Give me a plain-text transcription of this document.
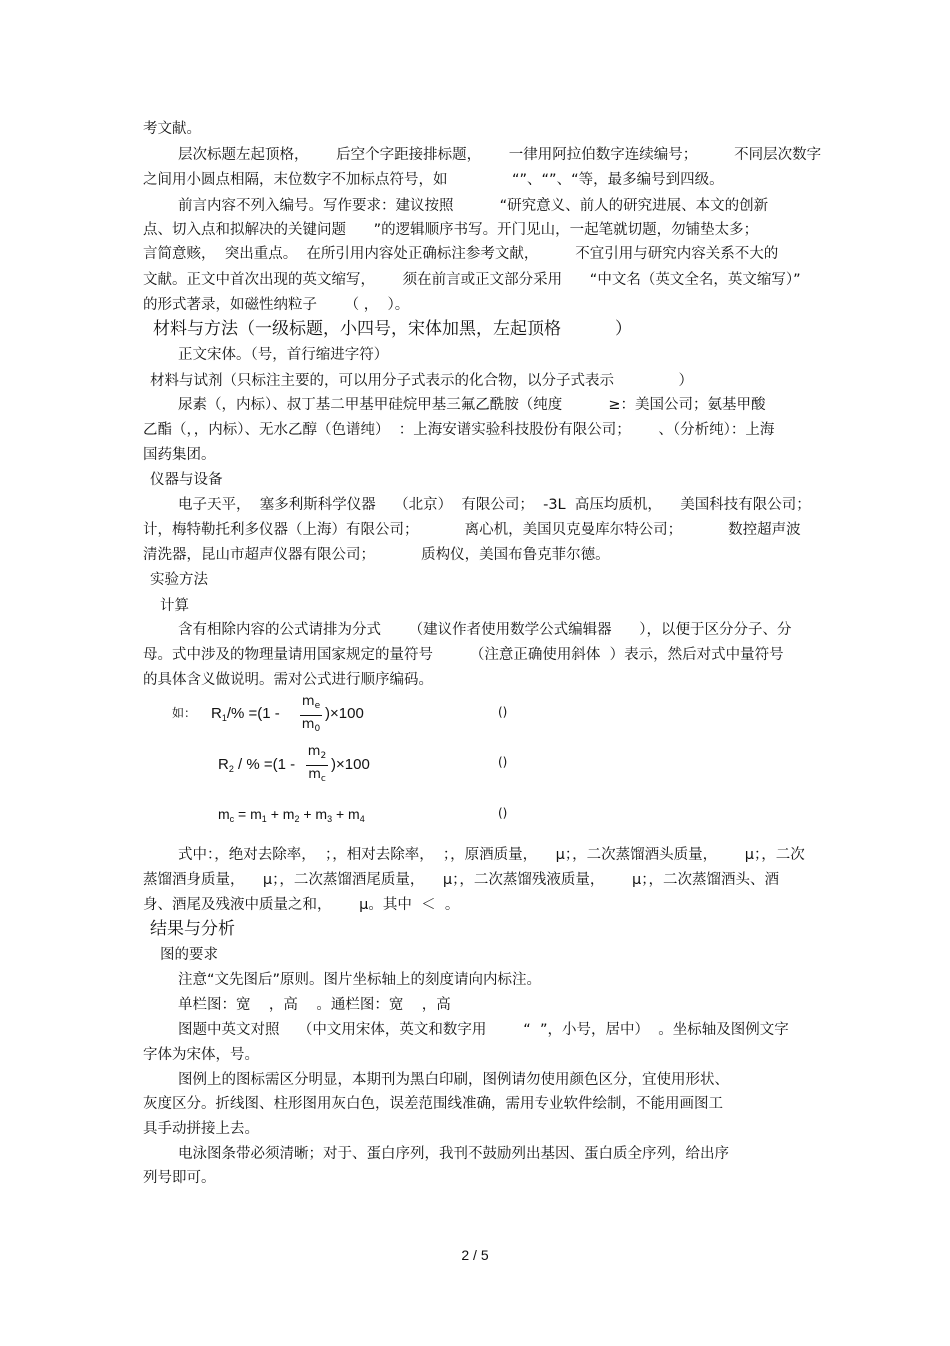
考文献。
层次标题左起顶格，      后空个字距接排标题，      一律用阿拉伯数字连续编号；        不同层次数字
之间用小圆点相隔，末位数字不加标点符号，如              “”、“”、“等，最多编号到四级。
前言内容不列入编号。写作要求：建议按照          “研究意义、前人的研究进展、本文的创新
点、切入点和拟解决的关键问题      ”的逻辑顺序书写。开门见山，一起笔就切题，勿铺垫太多；
言简意赅，  突出重点。  在所引用内容处正确标注参考文献，        不宜引用与研究内容关系不大的
文献。正文中首次出现的英文缩写，      须在前言或正文部分采用      “中文名（英文全名，英文缩写）”
的形式著录，如磁性纳粒子      （ ，  ）。
材料与方法（一级标题，小四号，宋体加黑，左起顶格          ）
正文宋体。（号，首行缩进字符）
材料与试剂（只标注主要的，可以用分子式表示的化合物，以分子式表示              ）
尿素（，内标）、叔丁基二甲基甲硅烷甲基三氟乙酰胺（纯度          ≥：美国公司；氨基甲酸
乙酯（，，内标）、无水乙醇（色谱纯）  ：上海安谱实验科技股份有限公司；      、（分析纯）：上海
国药集团。
仪器与设备
电子天平，  塞多利斯科学仪器    （北京）  有限公司；  -3L  高压均质机，    美国科技有限公司；
计，梅特勒托利多仪器（上海）有限公司；          离心机，美国贝克曼库尔特公司；          数控超声波
清洗器，昆山市超声仪器有限公司；          质构仪，美国布鲁克菲尔德。
实验方法
计算
含有相除内容的公式请排为分式      （建议作者使用数学公式编辑器      ），以便于区分分子、分
母。式中涉及的物理量请用国家规定的量符号        （注意正确使用斜体  ）表示，然后对式中量符号
的具体含义做说明。需对公式进行顺序编码。
如： $R_1/\% =(1$ -
$m_e$
$m_0$
)×100	()
$R_2$ / % =(1 -
$m_2$
$m_c$
)×100	()
$m_c = m_1 + m_2 + m_3 + m_4$	()
式中：，绝对去除率，  ；，相对去除率，  ；，原酒质量，    μ；，二次蒸馏酒头质量，      μ；，二次
蒸馏酒身质量，    μ；，二次蒸馏酒尾质量，    μ；，二次蒸馏残液质量，      μ；，二次蒸馏酒头、酒
身、酒尾及残液中质量之和，      μ。其中  ＜  。
结果与分析
图的要求
注意“文先图后”原则。图片坐标轴上的刻度请向内标注。
单栏图：宽    ，高    。通栏图：宽    ，高
图题中英文对照    （中文用宋体，英文和数字用        “  ”，小号，居中）  。坐标轴及图例文字
字体为宋体，号。
图例上的图标需区分明显，本期刊为黑白印刷，图例请勿使用颜色区分，宜使用形状、
灰度区分。折线图、柱形图用灰白色，误差范围线准确，需用专业软件绘制，不能用画图工
具手动拼接上去。
电泳图条带必须清晰；对于、蛋白序列，我刊不鼓励列出基因、蛋白质全序列，给出序
列号即可。
2 / 5
